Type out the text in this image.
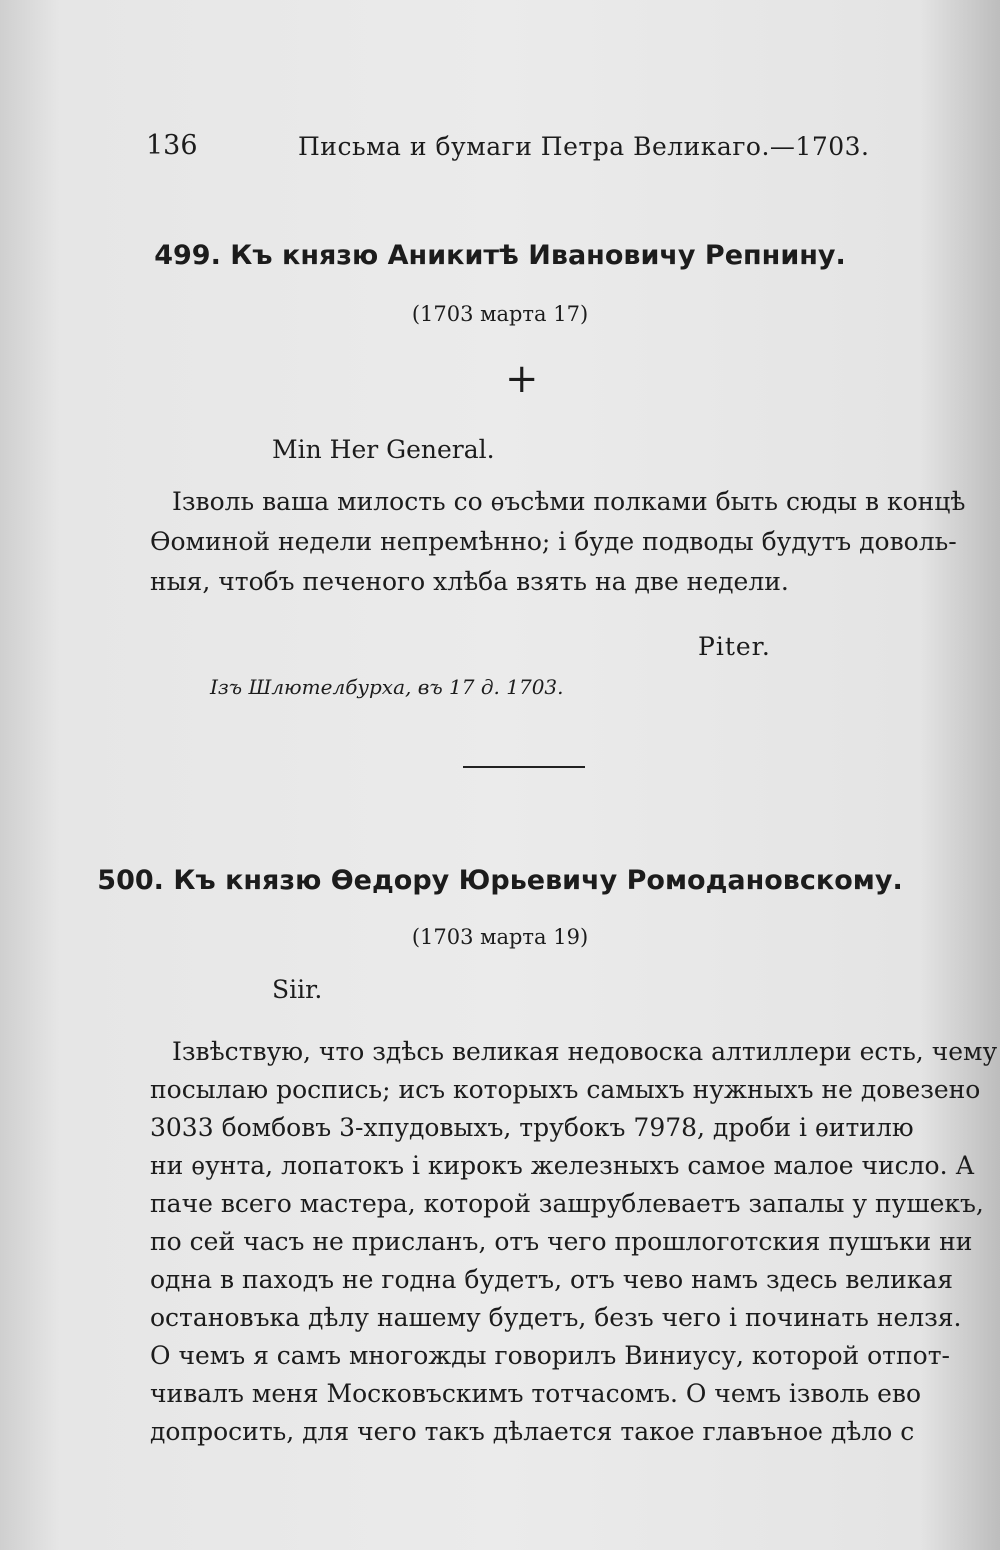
136	Письма и бумаги Петра Великаго.—1703.
499. Къ князю Аникитѣ Ивановичу Репнину.
(1703 марта 17)
+
Min Her General.
Ізволь ваша милость со ѳъсѣми полками быть сюды в концѣ
Ѳоминой недели непремѣнно; і буде подводы будутъ доволь-
ныя, чтобъ печеного хлѣба взять на две недели.
Piter.
Ізъ Шлютелбурха, въ 17 д. 1703.
500. Къ князю Ѳедору Юрьевичу Ромодановскому.
(1703 марта 19)
Siir.
Ізвѣствую, что здѣсь великая недовоска алтиллери есть, чему
посылаю роспись; исъ которыхъ самыхъ нужныхъ не довезено
3033 бомбовъ 3-хпудовыхъ, трубокъ 7978, дроби і ѳитилю
ни ѳунта, лопатокъ і кирокъ железныхъ самое малое число. А
паче всего мастера, которой зашрублеваетъ запалы у пушекъ,
по сей часъ не присланъ, отъ чего прошлоготския пушъки ни
одна в паходъ не годна будетъ, отъ чево намъ здесь великая
остановъка дѣлу нашему будетъ, безъ чего і починать нелзя.
О чемъ я самъ многожды говорилъ Виниусу, которой отпот-
чивалъ меня Московъскимъ тотчасомъ. О чемъ ізволь ево
допросить, для чего такъ дѣлается такое главъное дѣло с
